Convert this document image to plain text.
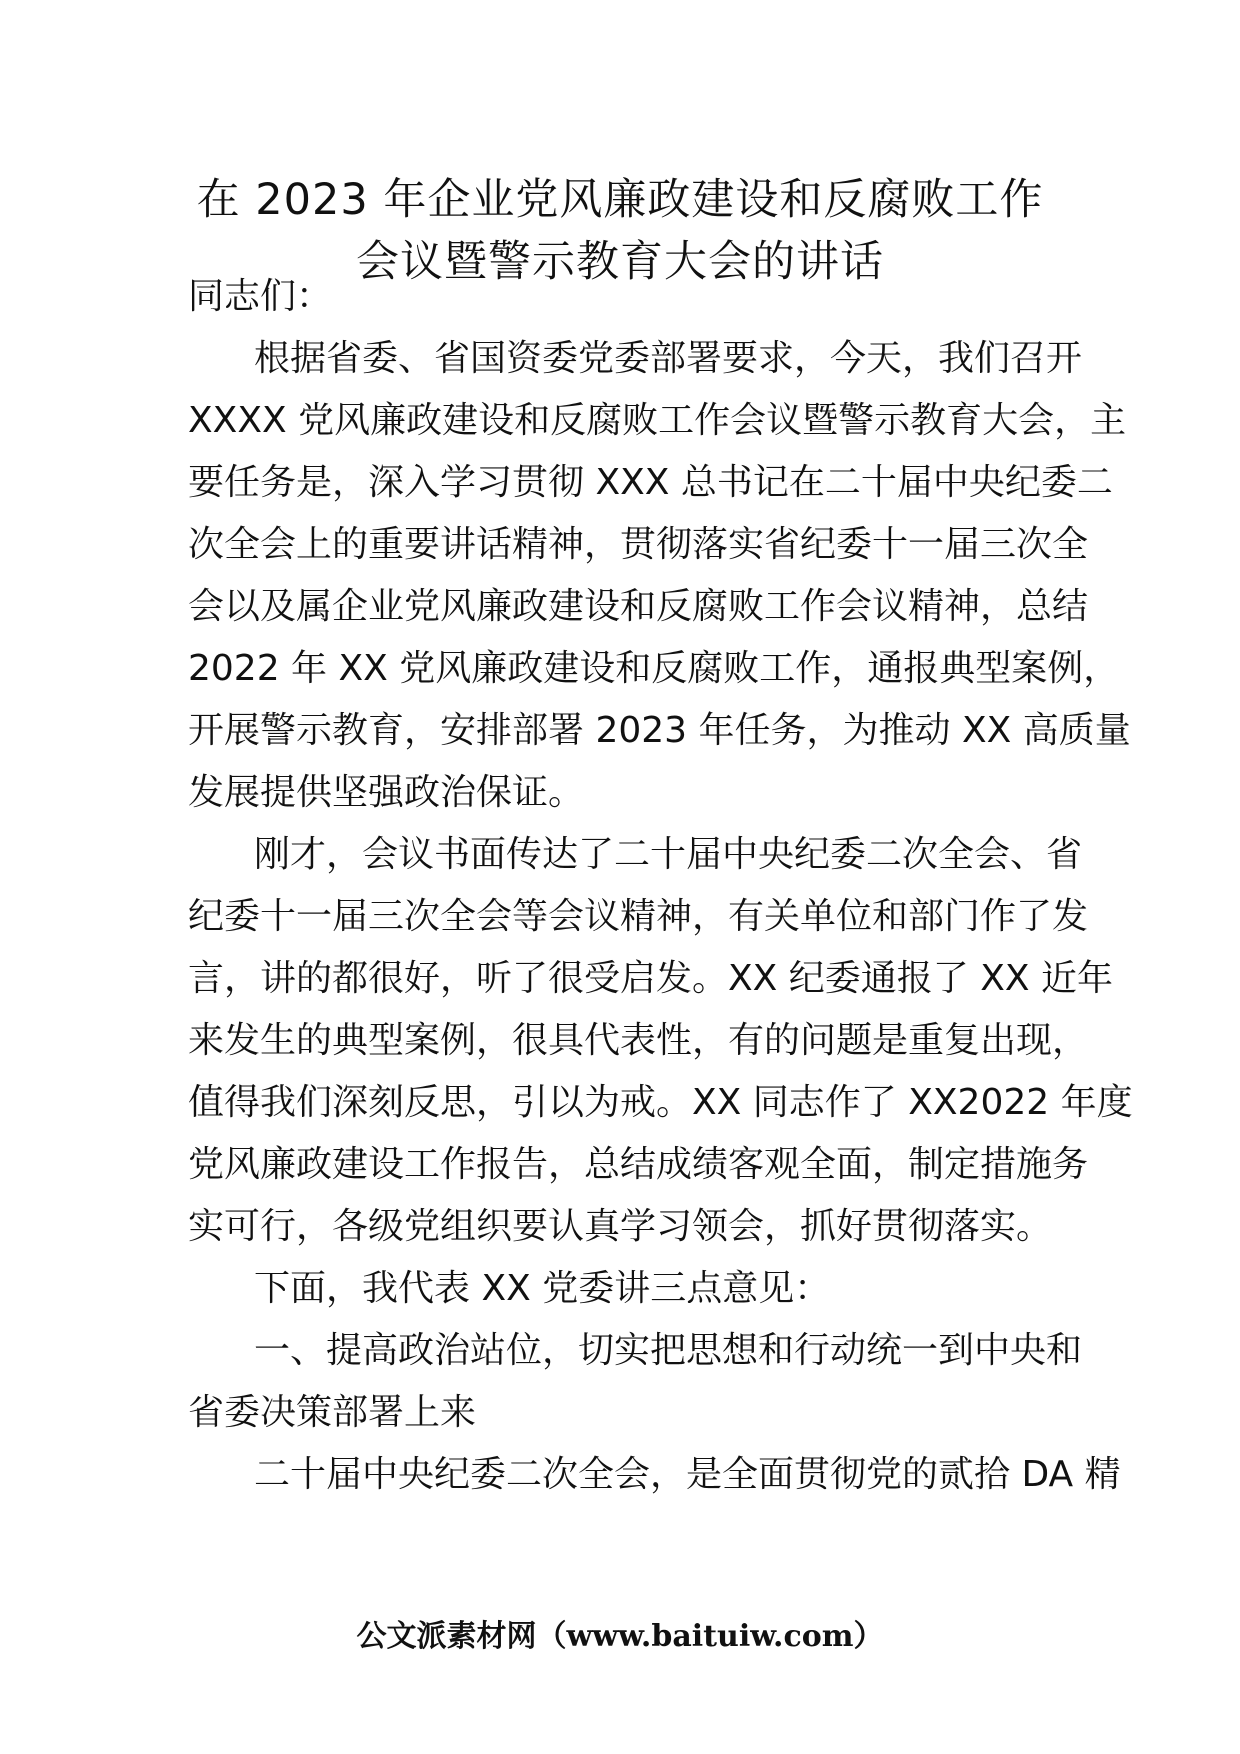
在 2023 年企业党风廉政建设和反腐败工作
会议暨警示教育大会的讲话
同志们：
根据省委、省国资委党委部署要求，今天，我们召开
XXXX 党风廉政建设和反腐败工作会议暨警示教育大会，主
要任务是，深入学习贯彻 XXX 总书记在二十届中央纪委二
次全会上的重要讲话精神，贯彻落实省纪委十一届三次全
会以及属企业党风廉政建设和反腐败工作会议精神，总结
2022 年 XX 党风廉政建设和反腐败工作，通报典型案例，
开展警示教育，安排部署 2023 年任务，为推动 XX 高质量
发展提供坚强政治保证。
刚才，会议书面传达了二十届中央纪委二次全会、省
纪委十一届三次全会等会议精神，有关单位和部门作了发
言，讲的都很好，听了很受启发。XX 纪委通报了 XX 近年
来发生的典型案例，很具代表性，有的问题是重复出现，
值得我们深刻反思，引以为戒。XX 同志作了 XX2022 年度
党风廉政建设工作报告，总结成绩客观全面，制定措施务
实可行，各级党组织要认真学习领会，抓好贯彻落实。
下面，我代表 XX 党委讲三点意见：
一、提高政治站位，切实把思想和行动统一到中央和
省委决策部署上来
二十届中央纪委二次全会，是全面贯彻党的贰拾 DA 精
公文派素材网（www.baituiw.com）
